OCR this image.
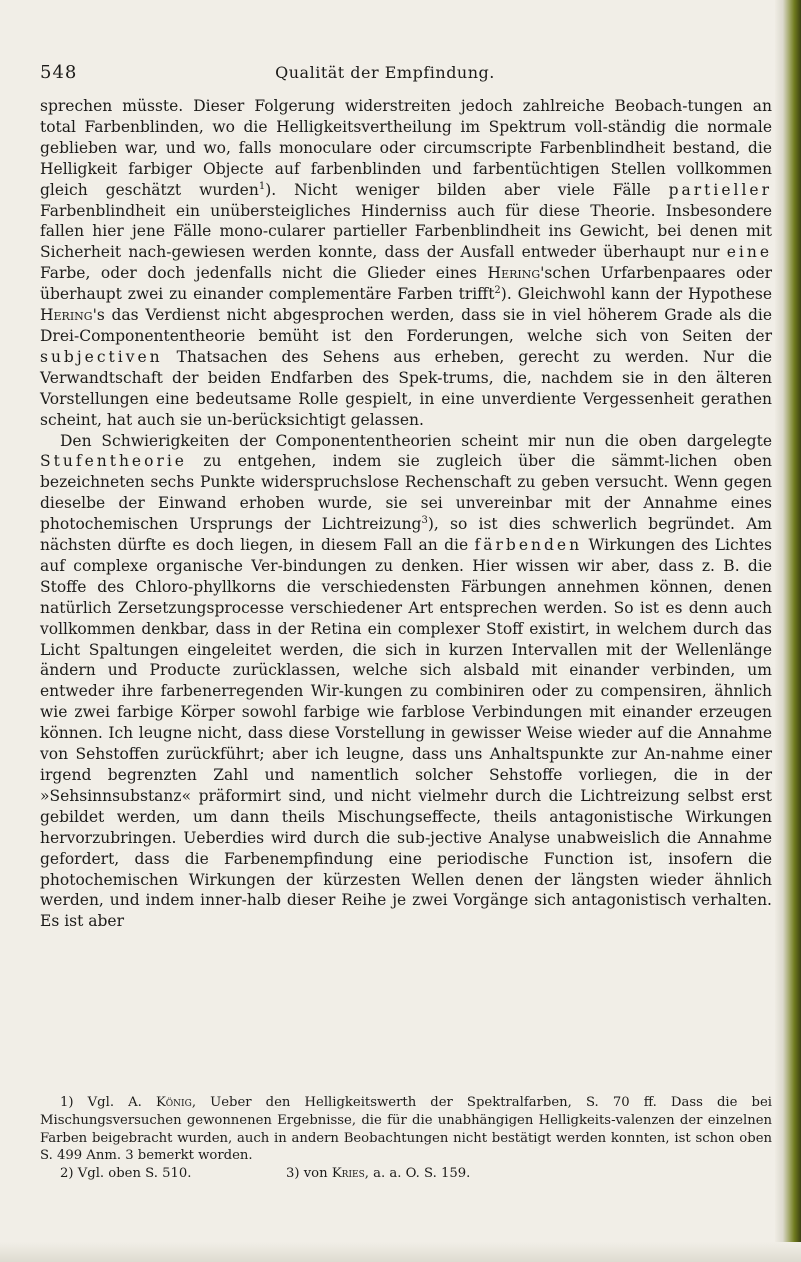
548	Qualität der Empfindung.

sprechen müsste. Dieser Folgerung widerstreiten jedoch zahlreiche Beobach-tungen an total Farbenblinden, wo die Helligkeitsvertheilung im Spektrum voll-ständig die normale geblieben war, und wo, falls monoculare oder circumscripte Farbenblindheit bestand, die Helligkeit farbiger Objecte auf farbenblinden und farbentüchtigen Stellen vollkommen gleich geschätzt wurden$^1$). Nicht weniger bilden aber viele Fälle partieller Farbenblindheit ein unübersteigliches Hinderniss auch für diese Theorie. Insbesondere fallen hier jene Fälle mono-cularer partieller Farbenblindheit ins Gewicht, bei denen mit Sicherheit nach-gewiesen werden konnte, dass der Ausfall entweder überhaupt nur eine Farbe, oder doch jedenfalls nicht die Glieder eines Hering'schen Urfarbenpaares oder überhaupt zwei zu einander complementäre Farben trifft$^2$). Gleichwohl kann der Hypothese Hering's das Verdienst nicht abgesprochen werden, dass sie in viel höherem Grade als die Drei-Componententheorie bemüht ist den Forderungen, welche sich von Seiten der subjectiven Thatsachen des Sehens aus erheben, gerecht zu werden. Nur die Verwandtschaft der beiden Endfarben des Spek-trums, die, nachdem sie in den älteren Vorstellungen eine bedeutsame Rolle gespielt, in eine unverdiente Vergessenheit gerathen scheint, hat auch sie un-berücksichtigt gelassen.

Den Schwierigkeiten der Componententheorien scheint mir nun die oben dargelegte Stufentheorie zu entgehen, indem sie zugleich über die sämmt-lichen oben bezeichneten sechs Punkte widerspruchslose Rechenschaft zu geben versucht. Wenn gegen dieselbe der Einwand erhoben wurde, sie sei unvereinbar mit der Annahme eines photochemischen Ursprungs der Lichtreizung$^3$), so ist dies schwerlich begründet. Am nächsten dürfte es doch liegen, in diesem Fall an die färbenden Wirkungen des Lichtes auf complexe organische Ver-bindungen zu denken. Hier wissen wir aber, dass z. B. die Stoffe des Chloro-phyllkorns die verschiedensten Färbungen annehmen können, denen natürlich Zersetzungsprocesse verschiedener Art entsprechen werden. So ist es denn auch vollkommen denkbar, dass in der Retina ein complexer Stoff existirt, in welchem durch das Licht Spaltungen eingeleitet werden, die sich in kurzen Intervallen mit der Wellenlänge ändern und Producte zurücklassen, welche sich alsbald mit einander verbinden, um entweder ihre farbenerregenden Wir-kungen zu combiniren oder zu compensiren, ähnlich wie zwei farbige Körper sowohl farbige wie farblose Verbindungen mit einander erzeugen können. Ich leugne nicht, dass diese Vorstellung in gewisser Weise wieder auf die Annahme von Sehstoffen zurückführt; aber ich leugne, dass uns Anhaltspunkte zur An-nahme einer irgend begrenzten Zahl und namentlich solcher Sehstoffe vorliegen, die in der »Sehsinnsubstanz« präformirt sind, und nicht vielmehr durch die Lichtreizung selbst erst gebildet werden, um dann theils Mischungseffecte, theils antagonistische Wirkungen hervorzubringen. Ueberdies wird durch die sub-jective Analyse unabweislich die Annahme gefordert, dass die Farbenempfindung eine periodische Function ist, insofern die photochemischen Wirkungen der kürzesten Wellen denen der längsten wieder ähnlich werden, und indem inner-halb dieser Reihe je zwei Vorgänge sich antagonistisch verhalten. Es ist aber

1) Vgl. A. König, Ueber den Helligkeitswerth der Spektralfarben, S. 70 ff. Dass die bei Mischungsversuchen gewonnenen Ergebnisse, die für die unabhängigen Helligkeits-valenzen der einzelnen Farben beigebracht wurden, auch in andern Beobachtungen nicht bestätigt werden konnten, ist schon oben S. 499 Anm. 3 bemerkt worden.

2) Vgl. oben S. 510.	3) von Kries, a. a. O. S. 159.
